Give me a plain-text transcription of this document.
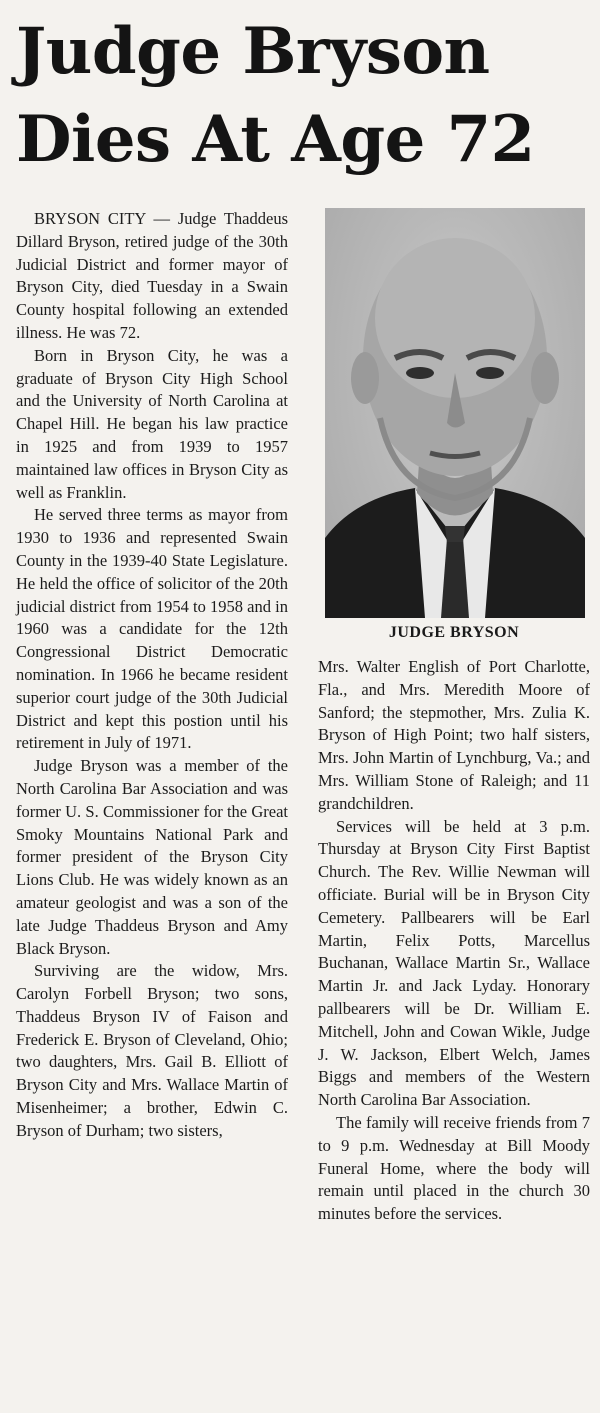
Judge Bryson Dies At Age 72

BRYSON CITY — Judge Thaddeus Dillard Bryson, retired judge of the 30th Judicial District and former mayor of Bryson City, died Tuesday in a Swain County hospital following an extended illness. He was 72.

Born in Bryson City, he was a graduate of Bryson City High School and the University of North Carolina at Chapel Hill. He began his law practice in 1925 and from 1939 to 1957 maintained law offices in Bryson City as well as Franklin.

He served three terms as mayor from 1930 to 1936 and represented Swain County in the 1939-40 State Legislature. He held the office of solicitor of the 20th judicial district from 1954 to 1958 and in 1960 was a candidate for the 12th Congressional District Democratic nomination. In 1966 he became resident superior court judge of the 30th Judicial District and kept this postion until his retirement in July of 1971.

Judge Bryson was a member of the North Carolina Bar Association and was former U. S. Commissioner for the Great Smoky Mountains National Park and former president of the Bryson City Lions Club. He was widely known as an amateur geologist and was a son of the late Judge Thaddeus Bryson and Amy Black Bryson.

Surviving are the widow, Mrs. Carolyn Forbell Bryson; two sons, Thaddeus Bryson IV of Faison and Frederick E. Bryson of Cleveland, Ohio; two daughters, Mrs. Gail B. Elliott of Bryson City and Mrs. Wallace Martin of Misenheimer; a brother, Edwin C. Bryson of Durham; two sisters,

JUDGE BRYSON

Mrs. Walter English of Port Charlotte, Fla., and Mrs. Meredith Moore of Sanford; the stepmother, Mrs. Zulia K. Bryson of High Point; two half sisters, Mrs. John Martin of Lynchburg, Va.; and Mrs. William Stone of Raleigh; and 11 grandchildren.

Services will be held at 3 p.m. Thursday at Bryson City First Baptist Church. The Rev. Willie Newman will officiate. Burial will be in Bryson City Cemetery. Pallbearers will be Earl Martin, Felix Potts, Marcellus Buchanan, Wallace Martin Sr., Wallace Martin Jr. and Jack Lyday. Honorary pallbearers will be Dr. William E. Mitchell, John and Cowan Wikle, Judge J. W. Jackson, Elbert Welch, James Biggs and members of the Western North Carolina Bar Association.

The family will receive friends from 7 to 9 p.m. Wednesday at Bill Moody Funeral Home, where the body will remain until placed in the church 30 minutes before the services.
